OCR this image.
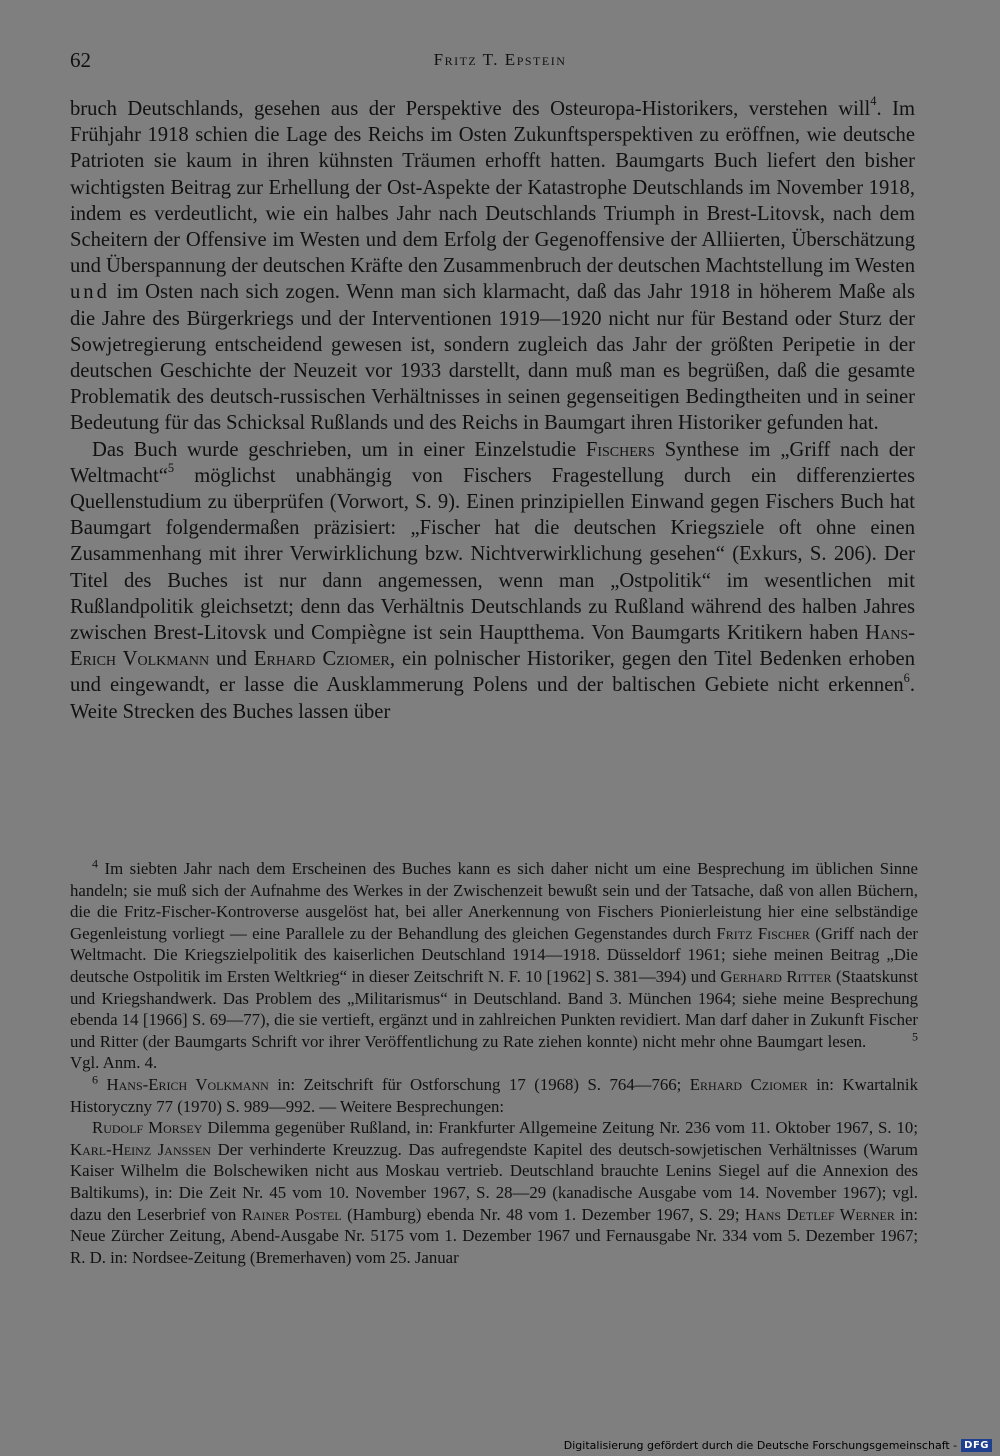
62	Fritz T. Epstein

bruch Deutschlands, gesehen aus der Perspektive des Osteuropa-Historikers, verstehen will$^4$. Im Frühjahr 1918 schien die Lage des Reichs im Osten Zukunftsperspektiven zu eröffnen, wie deutsche Patrioten sie kaum in ihren kühnsten Träumen erhofft hatten. Baumgarts Buch liefert den bisher wichtigsten Beitrag zur Erhellung der Ost-Aspekte der Katastrophe Deutschlands im November 1918, indem es verdeutlicht, wie ein halbes Jahr nach Deutschlands Triumph in Brest-Litovsk, nach dem Scheitern der Offensive im Westen und dem Erfolg der Gegenoffensive der Alliierten, Überschätzung und Überspannung der deutschen Kräfte den Zusammenbruch der deutschen Machtstellung im Westen und im Osten nach sich zogen. Wenn man sich klarmacht, daß das Jahr 1918 in höherem Maße als die Jahre des Bürgerkriegs und der Interventionen 1919—1920 nicht nur für Bestand oder Sturz der Sowjetregierung entscheidend gewesen ist, sondern zugleich das Jahr der größten Peripetie in der deutschen Geschichte der Neuzeit vor 1933 darstellt, dann muß man es begrüßen, daß die gesamte Problematik des deutsch-russischen Verhältnisses in seinen gegenseitigen Bedingtheiten und in seiner Bedeutung für das Schicksal Rußlands und des Reichs in Baumgart ihren Historiker gefunden hat.

Das Buch wurde geschrieben, um in einer Einzelstudie Fischers Synthese im „Griff nach der Weltmacht“$^5$ möglichst unabhängig von Fischers Fragestellung durch ein differenziertes Quellenstudium zu überprüfen (Vorwort, S. 9). Einen prinzipiellen Einwand gegen Fischers Buch hat Baumgart folgendermaßen präzisiert: „Fischer hat die deutschen Kriegsziele oft ohne einen Zusammenhang mit ihrer Verwirklichung bzw. Nichtverwirklichung gesehen“ (Exkurs, S. 206). Der Titel des Buches ist nur dann angemessen, wenn man „Ostpolitik“ im wesentlichen mit Rußlandpolitik gleichsetzt; denn das Verhältnis Deutschlands zu Rußland während des halben Jahres zwischen Brest-Litovsk und Compiègne ist sein Hauptthema. Von Baumgarts Kritikern haben Hans-Erich Volkmann und Erhard Cziomer, ein polnischer Historiker, gegen den Titel Bedenken erhoben und eingewandt, er lasse die Ausklammerung Polens und der baltischen Gebiete nicht erkennen$^6$. Weite Strecken des Buches lassen über

$^4$ Im siebten Jahr nach dem Erscheinen des Buches kann es sich daher nicht um eine Besprechung im üblichen Sinne handeln; sie muß sich der Aufnahme des Werkes in der Zwischenzeit bewußt sein und der Tatsache, daß von allen Büchern, die die Fritz-Fischer-Kontroverse ausgelöst hat, bei aller Anerkennung von Fischers Pionierleistung hier eine selbständige Gegenleistung vorliegt — eine Parallele zu der Behandlung des gleichen Gegenstandes durch Fritz Fischer (Griff nach der Weltmacht. Die Kriegszielpolitik des kaiserlichen Deutschland 1914—1918. Düsseldorf 1961; siehe meinen Beitrag „Die deutsche Ostpolitik im Ersten Weltkrieg“ in dieser Zeitschrift N. F. 10 [1962] S. 381—394) und Gerhard Ritter (Staatskunst und Kriegshandwerk. Das Problem des „Militarismus“ in Deutschland. Band 3. München 1964; siehe meine Besprechung ebenda 14 [1966] S. 69—77), die sie vertieft, ergänzt und in zahlreichen Punkten revidiert. Man darf daher in Zukunft Fischer und Ritter (der Baumgarts Schrift vor ihrer Veröffentlichung zu Rate ziehen konnte) nicht mehr ohne Baumgart lesen.	$^5$ Vgl. Anm. 4.

$^6$ Hans-Erich Volkmann in: Zeitschrift für Ostforschung 17 (1968) S. 764—766; Erhard Cziomer in: Kwartalnik Historyczny 77 (1970) S. 989—992. — Weitere Besprechungen:

Rudolf Morsey Dilemma gegenüber Rußland, in: Frankfurter Allgemeine Zeitung Nr. 236 vom 11. Oktober 1967, S. 10; Karl-Heinz Janssen Der verhinderte Kreuzzug. Das aufregendste Kapitel des deutsch-sowjetischen Verhältnisses (Warum Kaiser Wilhelm die Bolschewiken nicht aus Moskau vertrieb. Deutschland brauchte Lenins Siegel auf die Annexion des Baltikums), in: Die Zeit Nr. 45 vom 10. November 1967, S. 28—29 (kanadische Ausgabe vom 14. November 1967); vgl. dazu den Leserbrief von Rainer Postel (Hamburg) ebenda Nr. 48 vom 1. Dezember 1967, S. 29; Hans Detlef Werner in: Neue Zürcher Zeitung, Abend-Ausgabe Nr. 5175 vom 1. Dezember 1967 und Fernausgabe Nr. 334 vom 5. Dezember 1967; R. D. in: Nordsee-Zeitung (Bremerhaven) vom 25. Januar

Digitalisierung gefördert durch die Deutsche Forschungsgemeinschaft - DFG
